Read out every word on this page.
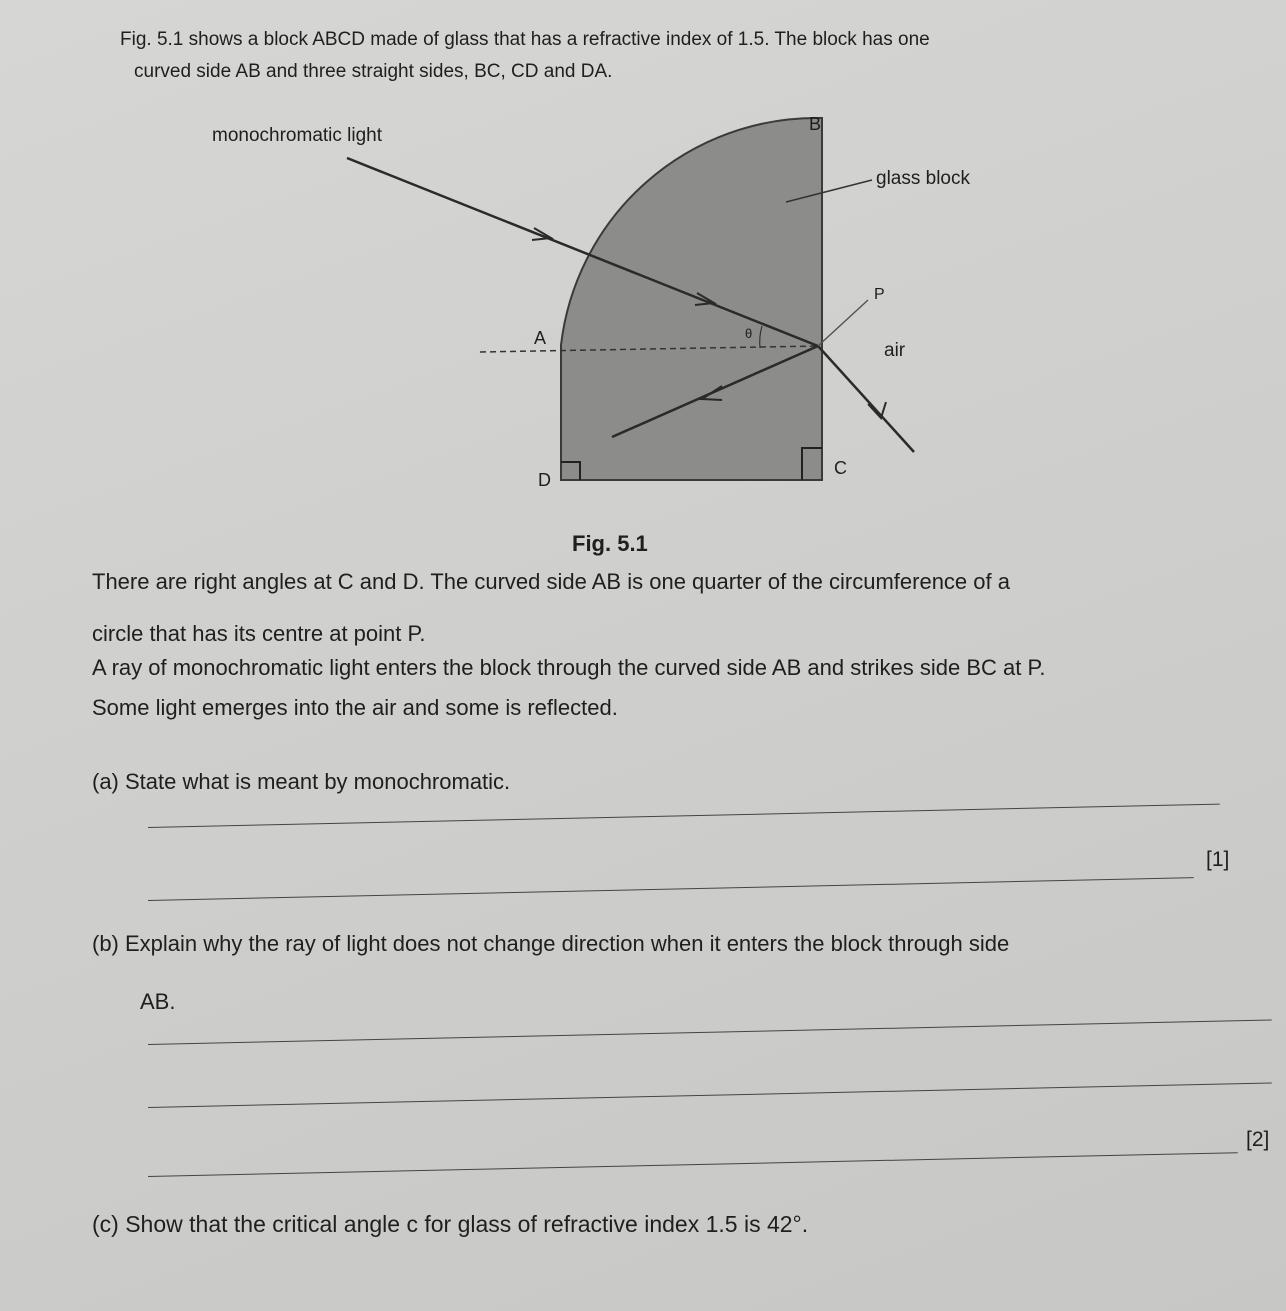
Fig. 5.1 shows a block ABCD made of glass that has a refractive index of 1.5. The block has one
curved side AB and three straight sides, BC, CD and DA.
monochromatic light
B
glass block
P
A	θ
air
C
D
Fig. 5.1
There are right angles at C and D. The curved side AB is one quarter of the circumference of a
circle that has its centre at point P.
A ray of monochromatic light enters the block through the curved side AB and strikes side BC at P.
Some light emerges into the air and some is reflected.
(a) State what is meant by monochromatic.
[1]
(b) Explain why the ray of light does not change direction when it enters the block through side
AB.
[2]
(c) Show that the critical angle c for glass of refractive index 1.5 is 42°.
